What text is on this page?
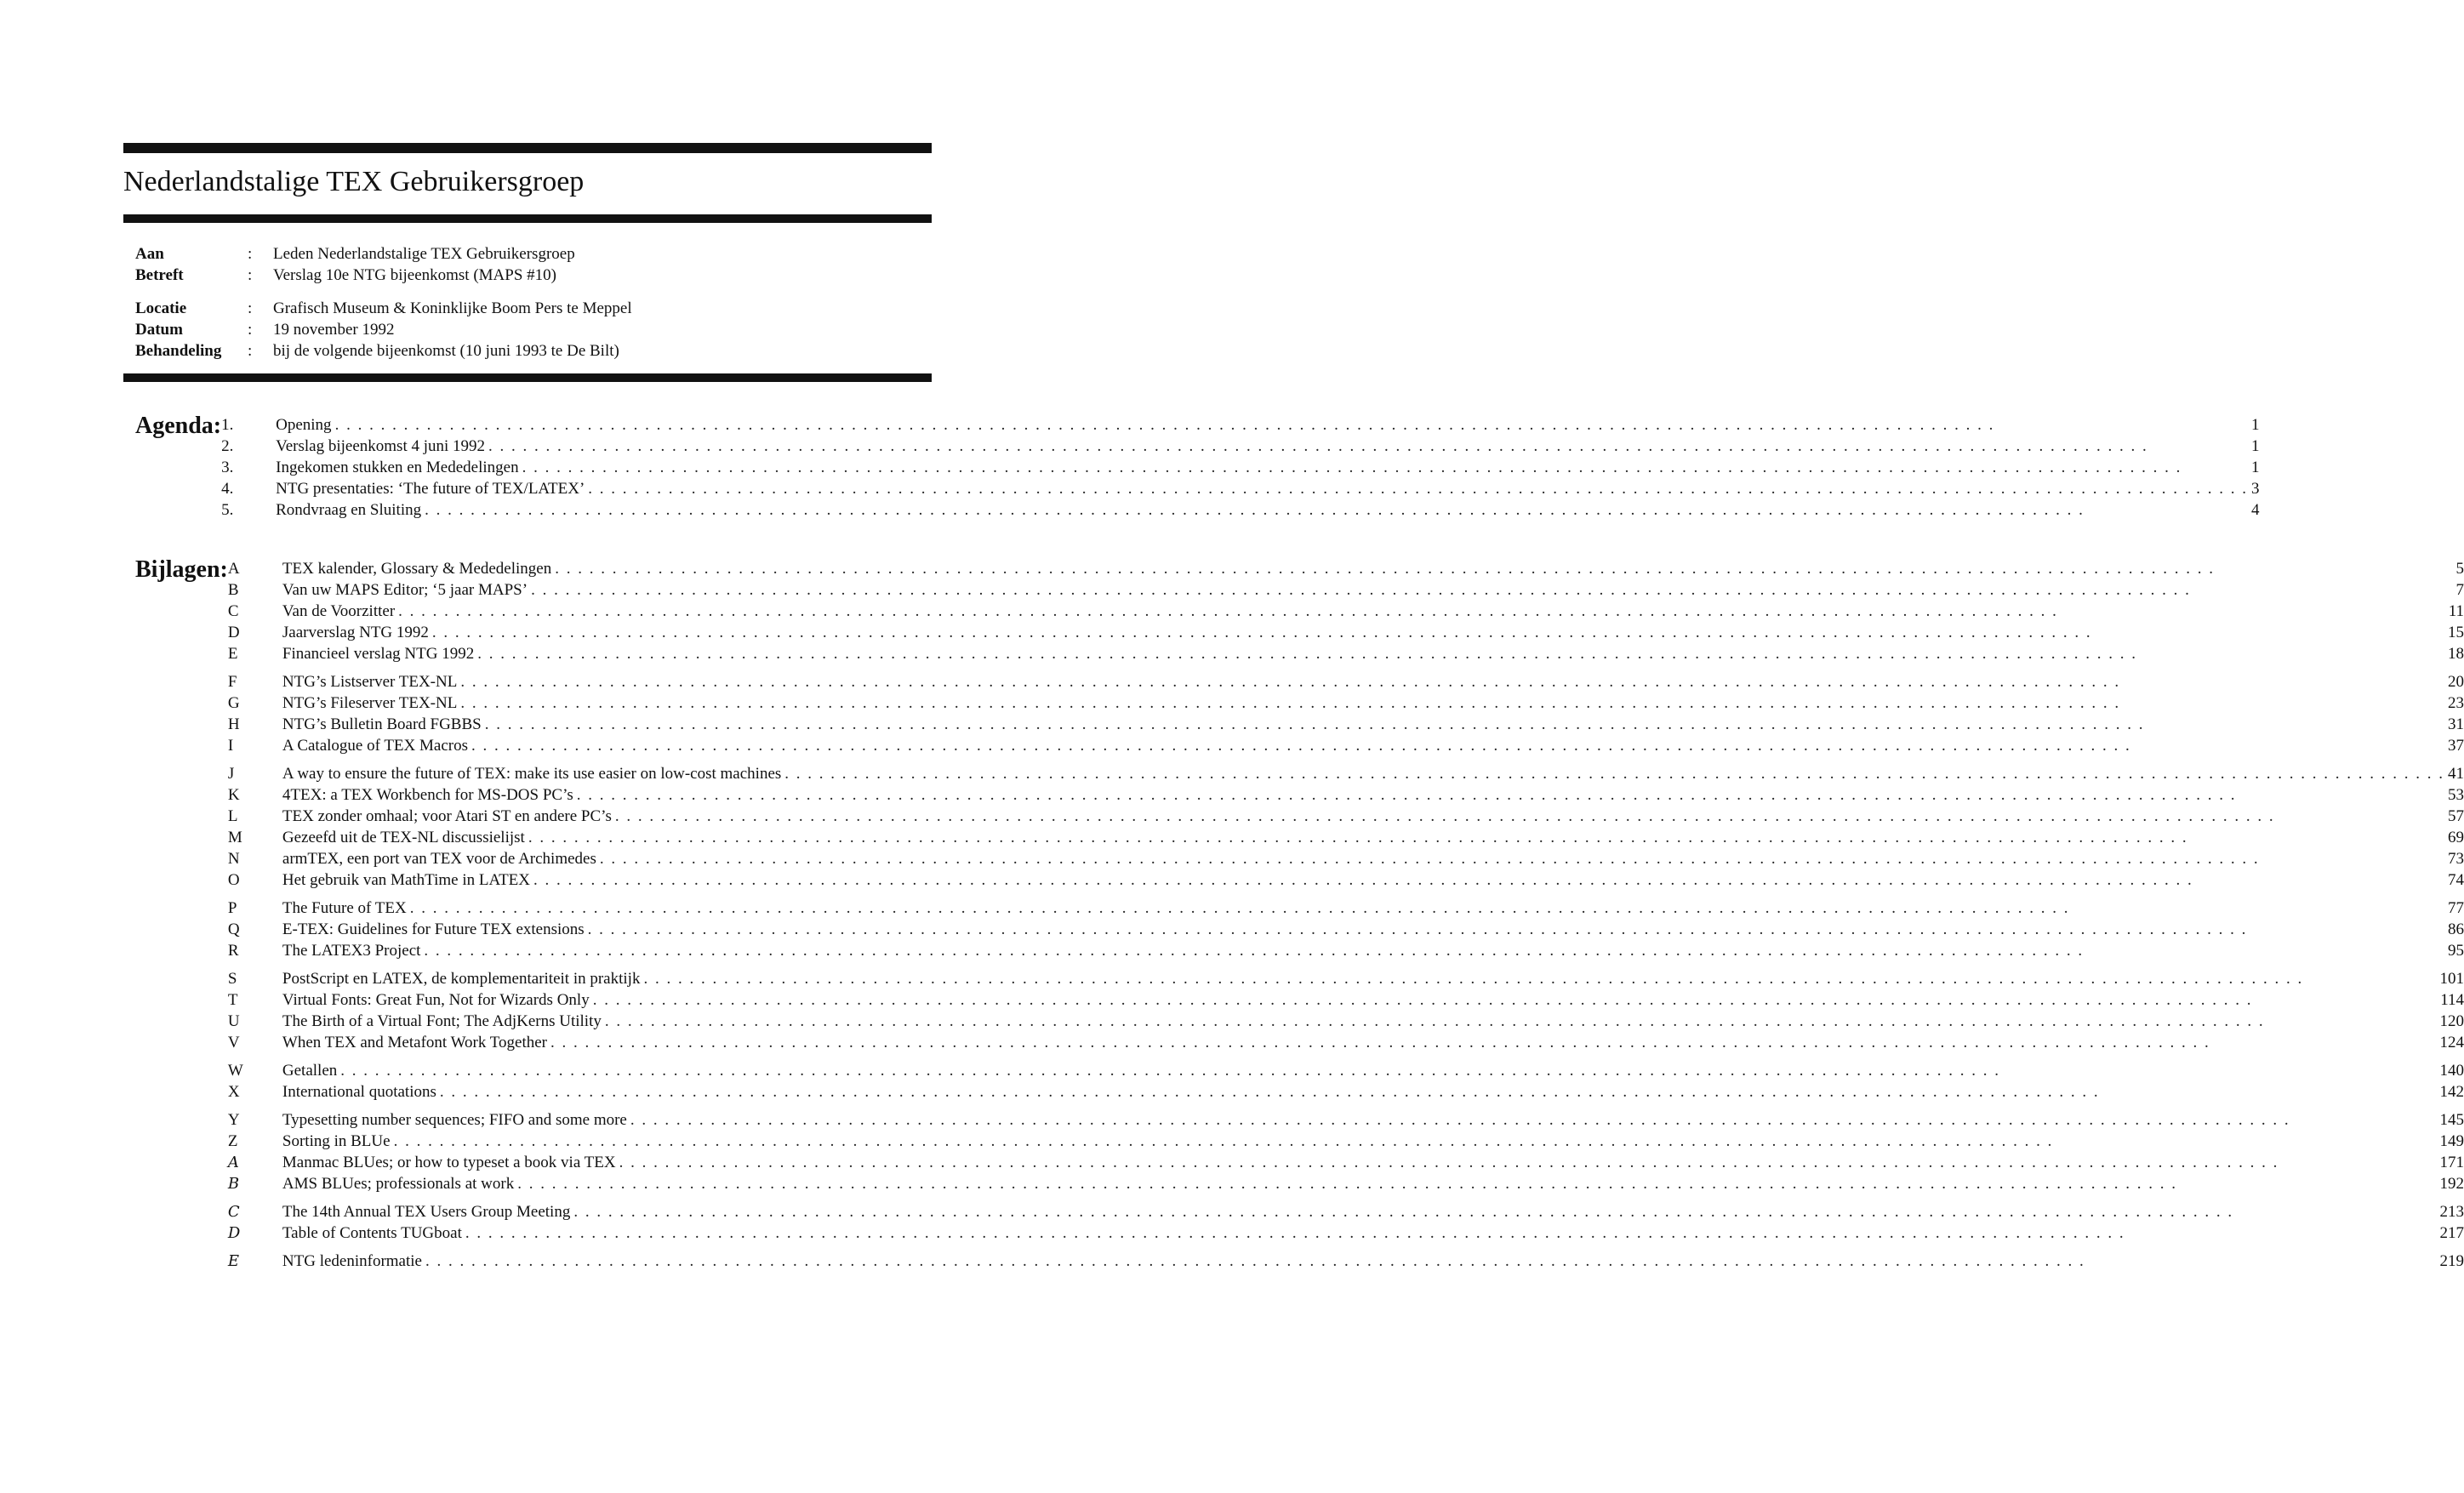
Nederlandstalige TEX Gebruikersgroep
Aan	:	Leden Nederlandstalige TEX Gebruikersgroep
Betreft	:	Verslag 10e NTG bijeenkomst (MAPS #10)
Locatie	:	Grafisch Museum & Koninklijke Boom Pers te Meppel
Datum	:	19 november 1992
Behandeling	:	bij de volgende bijeenkomst (10 juni 1993 te De Bilt)
Agenda: 1.	Opening . . .	1
2.	Verslag bijeenkomst 4 juni 1992 . . .	1
3.	Ingekomen stukken en Mededelingen . . .	1
4.	NTG presentaties: ‘The future of TEX/LATEX’ . . .	3
5.	Rondvraag en Sluiting . . .	4
Bijlagen: A	TEX kalender, Glossary & Mededelingen . . .	5
B	Van uw MAPS Editor; ‘5 jaar MAPS’ . . .	7
C	Van de Voorzitter . . .	11
D	Jaarverslag NTG 1992 . . .	15
E	Financieel verslag NTG 1992 . . .	18
F	NTG’s Listserver TEX-NL . . .	20
G	NTG’s Fileserver TEX-NL . . .	23
H	NTG’s Bulletin Board FGBBS . . .	31
I	A Catalogue of TEX Macros . . .	37
J	A way to ensure the future of TEX: make its use easier on low-cost machines . . .	41
K	4TEX: a TEX Workbench for MS-DOS PC’s . . .	53
L	TEX zonder omhaal; voor Atari ST en andere PC’s . . .	57
M	Gezeefd uit de TEX-NL discussielijst . . .	69
N	armTEX, een port van TEX voor de Archimedes . . .	73
O	Het gebruik van MathTime in LATEX . . .	74
P	The Future of TEX . . .	77
Q	E-TEX: Guidelines for Future TEX extensions . . .	86
R	The LATEX3 Project . . .	95
S	PostScript en LATEX, de komplementariteit in praktijk . . .	101
T	Virtual Fonts: Great Fun, Not for Wizards Only . . .	114
U	The Birth of a Virtual Font; The AdjKerns Utility . . .	120
V	When TEX and Metafont Work Together . . .	124
W	Getallen . . .	140
X	International quotations . . .	142
Y	Typesetting number sequences; FIFO and some more . . .	145
Z	Sorting in BLUe . . .	149
A	Manmac BLUes; or how to typeset a book via TEX . . .	171
B	AMS BLUes; professionals at work . . .	192
C	The 14th Annual TEX Users Group Meeting . . .	213
D	Table of Contents TUGboat . . .	217
E	NTG ledeninformatie . . .	219
